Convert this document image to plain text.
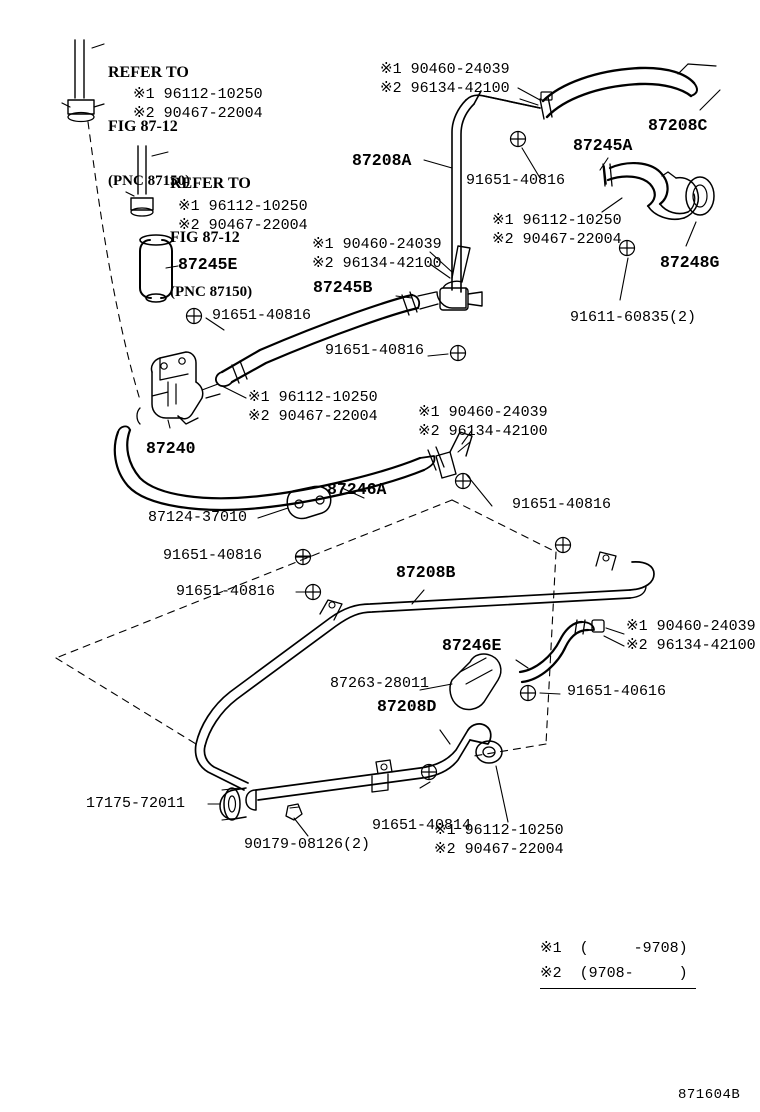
REFER TO

FIG 87-12

(PNC 87150)

※1 96112-10250
※2 90467-22004

REFER TO

FIG 87-12

(PNC 87150)

※1 96112-10250
※2 90467-22004
※1 90460-24039
※2 96134-42100
87208C
87245A
87208A
91651-40816
※1 96112-10250
※2 90467-22004
87248G
91611-60835(2)
※1 90460-24039
※2 96134-42100
87245B
87245E
91651-40816
91651-40816
※1 96112-10250
※2 90467-22004
87240
※1 90460-24039
※2 96134-42100
87246A
87124-37010
91651-40816
91651-40816
91651-40816
87208B
※1 90460-24039
※2 96134-42100
87246E
87263-28011	91651-40616
87208D
17175-72011
91651-40814
90179-08126(2)
※1 96112-10250
※2 90467-22004
※1  (     -9708)
※2  (9708-     )
871604B
